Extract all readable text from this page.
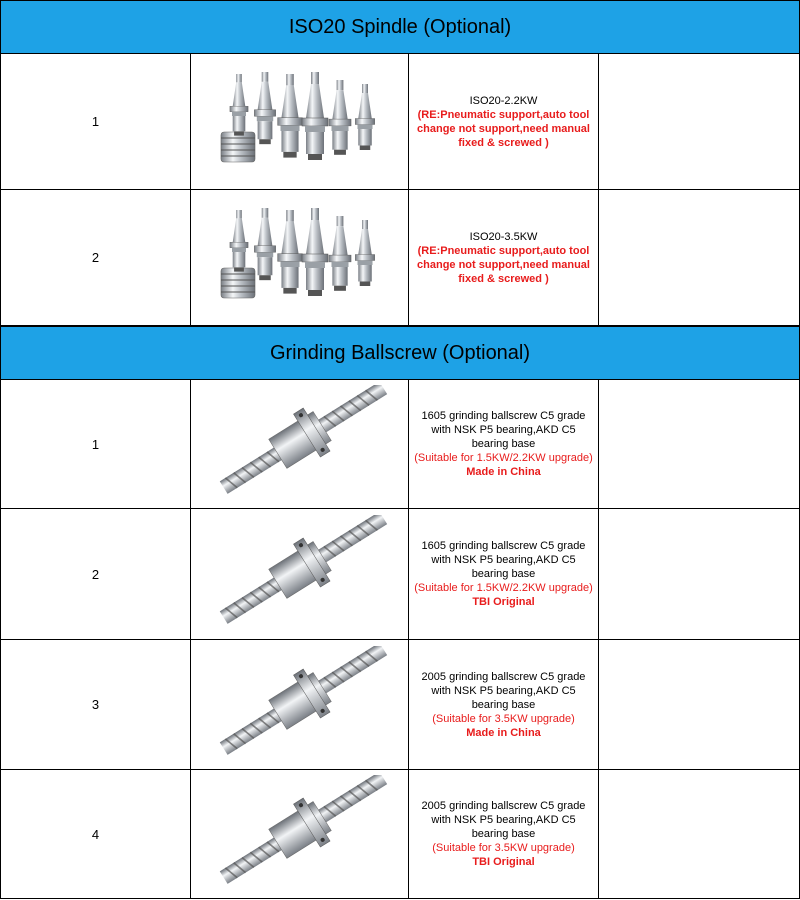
ISO20 Spindle (Optional)
1
ISO20-2.2KW
(RE:Pneumatic support,auto tool change not support,need manual fixed & screwed )
2
ISO20-3.5KW
(RE:Pneumatic support,auto tool change not support,need manual fixed & screwed )
Grinding Ballscrew (Optional)
1
1605 grinding ballscrew C5 grade with NSK P5 bearing,AKD C5 bearing base
(Suitable for 1.5KW/2.2KW upgrade)
Made in China
2
1605 grinding ballscrew C5 grade with NSK P5 bearing,AKD C5 bearing base
(Suitable for 1.5KW/2.2KW upgrade)
TBI Original
3
2005 grinding ballscrew C5 grade with NSK P5 bearing,AKD C5 bearing base
(Suitable for 3.5KW upgrade)
Made in China
4
2005 grinding ballscrew C5 grade with NSK P5 bearing,AKD C5 bearing base
(Suitable for 3.5KW upgrade)
TBI Original
